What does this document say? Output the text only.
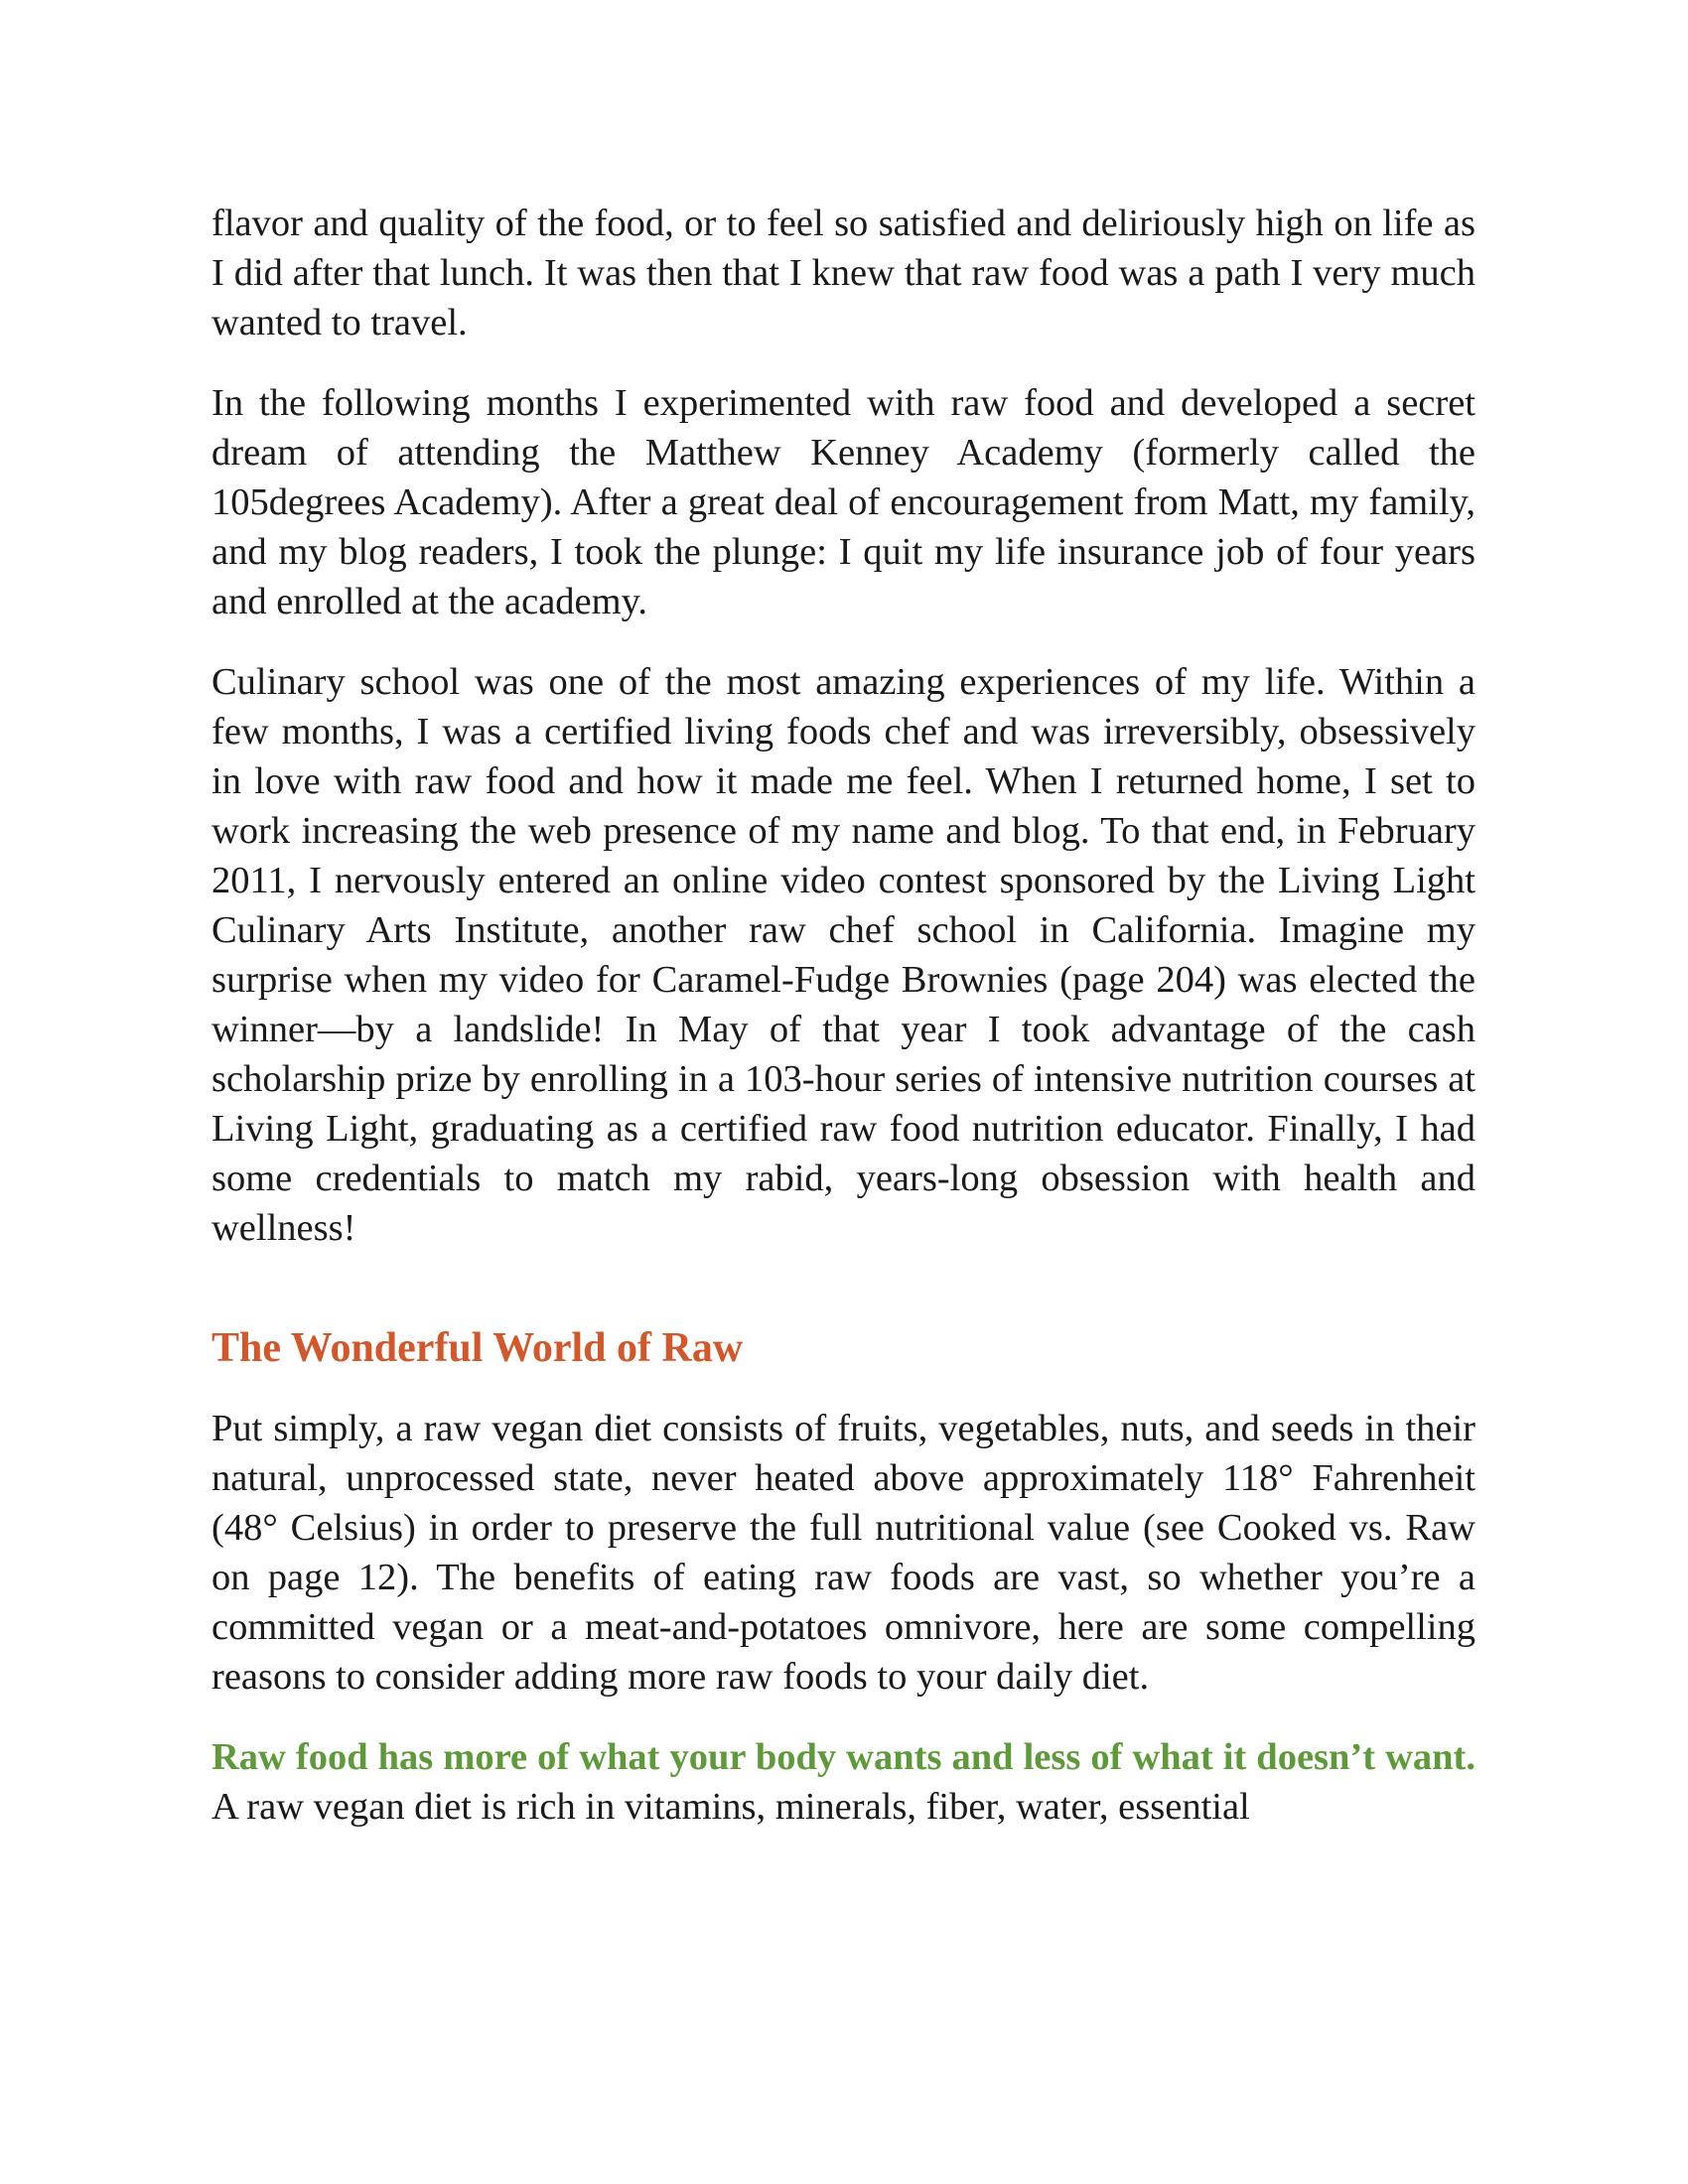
flavor and quality of the food, or to feel so satisfied and deliriously high on life as I did after that lunch. It was then that I knew that raw food was a path I very much wanted to travel.

In the following months I experimented with raw food and developed a secret dream of attending the Matthew Kenney Academy (formerly called the 105degrees Academy). After a great deal of encouragement from Matt, my family, and my blog readers, I took the plunge: I quit my life insurance job of four years and enrolled at the academy.

Culinary school was one of the most amazing experiences of my life. Within a few months, I was a certified living foods chef and was irreversibly, obsessively in love with raw food and how it made me feel. When I returned home, I set to work increasing the web presence of my name and blog. To that end, in February 2011, I nervously entered an online video contest sponsored by the Living Light Culinary Arts Institute, another raw chef school in California. Imagine my surprise when my video for Caramel-Fudge Brownies (page 204) was elected the winner—by a landslide! In May of that year I took advantage of the cash scholarship prize by enrolling in a 103-hour series of intensive nutrition courses at Living Light, graduating as a certified raw food nutrition educator. Finally, I had some credentials to match my rabid, years-long obsession with health and wellness!

The Wonderful World of Raw

Put simply, a raw vegan diet consists of fruits, vegetables, nuts, and seeds in their natural, unprocessed state, never heated above approximately 118° Fahrenheit (48° Celsius) in order to preserve the full nutritional value (see Cooked vs. Raw on page 12). The benefits of eating raw foods are vast, so whether you’re a committed vegan or a meat-and-potatoes omnivore, here are some compelling reasons to consider adding more raw foods to your daily diet.

Raw food has more of what your body wants and less of what it doesn’t want. A raw vegan diet is rich in vitamins, minerals, fiber, water, essential
